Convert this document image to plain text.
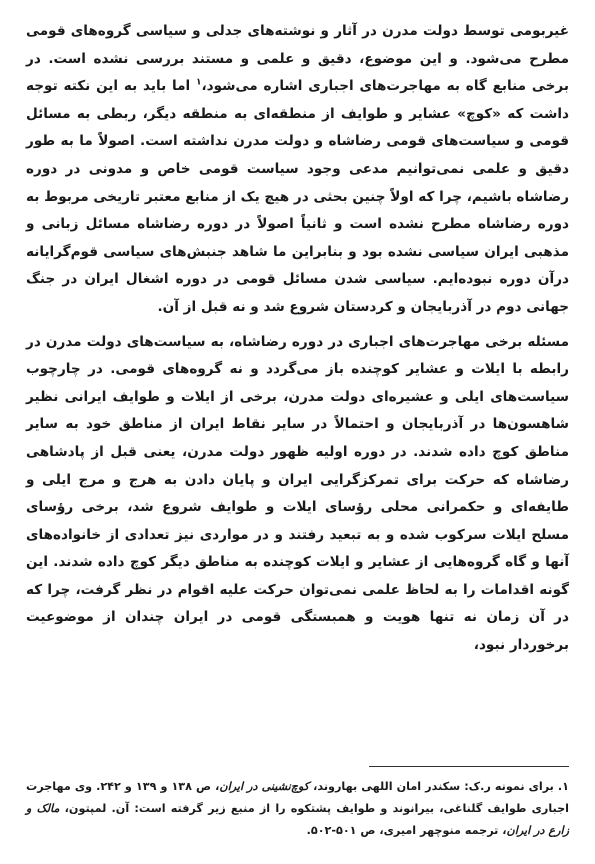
غیربومی توسط دولت مدرن در آثار و نوشته‌های جدلی و سیاسی گروه‌های قومی مطرح می‌شود. و این موضوع، دقیق و علمی و مستند بررسی نشده است. در برخی منابع گاه به مهاجرت‌های اجباری اشاره می‌شود،$^۱$ اما باید به این نکته توجه داشت که «کوچ» عشایر و طوایف از منطقه‌ای به منطقه دیگر، ربطی به مسائل قومی و سیاست‌های قومی رضاشاه و دولت مدرن نداشته است. اصولاً ما به طور دقیق و علمی نمی‌توانیم مدعی وجود سیاست قومی خاص و مدونی در دوره رضاشاه باشیم، چرا که اولاً چنین بحثی در هیچ یک از منابع معتبر تاریخی مربوط به دوره رضاشاه مطرح نشده است و ثانیاً اصولاً در دوره رضاشاه مسائل زبانی و مذهبی ایران سیاسی نشده بود و بنابراین ما شاهد جنبش‌های سیاسی قوم‌گرایانه درآن دوره نبوده‌ایم. سیاسی شدن مسائل قومی در دوره اشغال ایران در جنگ جهانی دوم در آذربایجان و کردستان شروع شد و نه قبل از آن.

مسئله برخی مهاجرت‌های اجباری در دوره رضاشاه، به سیاست‌های دولت مدرن در رابطه با ایلات و عشایر کوچنده باز می‌گردد و نه گروه‌های قومی. در چارچوب سیاست‌های ایلی و عشیره‌ای دولت مدرن، برخی از ایلات و طوایف ایرانی نظیر شاهسون‌ها در آذربایجان و احتمالاً در سایر نقاط ایران از مناطق خود به سایر مناطق کوچ داده شدند. در دوره اولیه ظهور دولت مدرن، یعنی قبل از پادشاهی رضاشاه که حرکت برای تمرکزگرایی ایران و پایان دادن به هرج و مرج ایلی و طایفه‌ای و حکمرانی محلی رؤسای ایلات و طوایف شروع شد، برخی رؤسای مسلح ایلات سرکوب شده و به تبعید رفتند و در مواردی نیز تعدادی از خانواده‌های آنها و گاه گروه‌هایی از عشایر و ایلات کوچنده به مناطق دیگر کوچ داده شدند. این گونه اقدامات را به لحاظ علمی نمی‌توان حرکت علیه اقوام در نظر گرفت، چرا که در آن زمان نه تنها هویت و همبستگی قومی در ایران چندان از موضوعیت برخوردار نبود،

۱. برای نمونه ر.ک: سکندر امان اللهی بهاروند، کوچ‌نشینی در ایران، ص ۱۳۸ و ۱۳۹ و ۲۴۲. وی مهاجرت اجباری طوایف گلناغی، بیرانوند و طوایف پشتکوه را از منبع زیر گرفته است: آن. لمپتون، مالک و زارع در ایران، ترجمه منوچهر امیری، ص ۵۰۱-۵۰۲.
